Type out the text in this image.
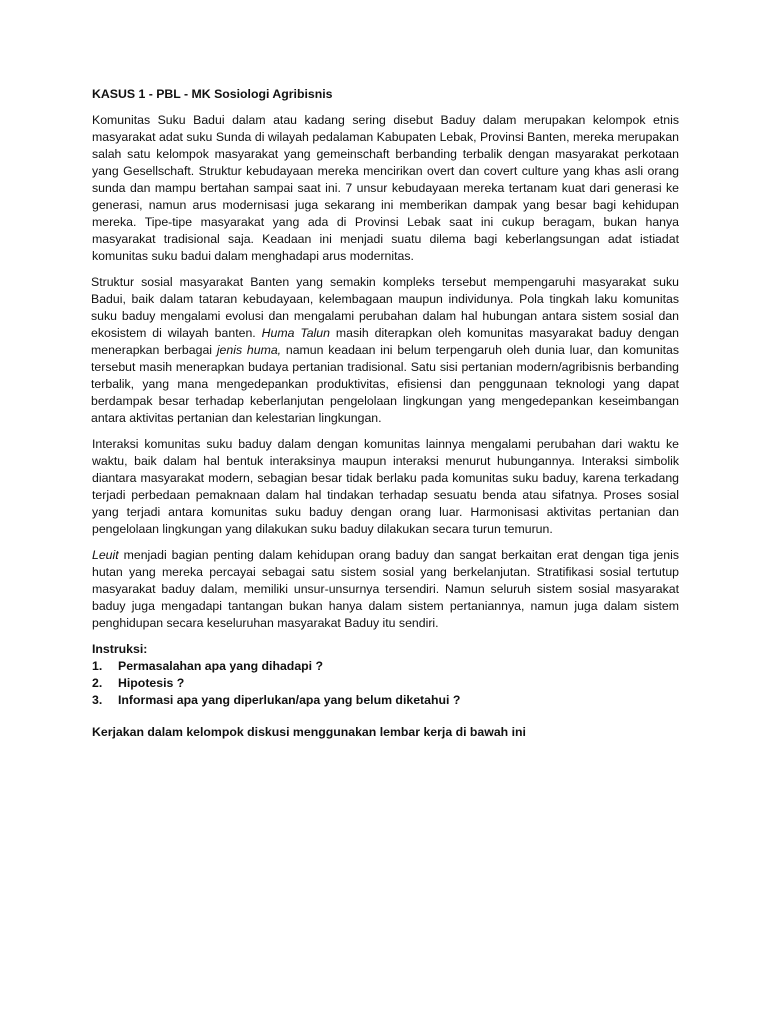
KASUS 1 - PBL - MK Sosiologi Agribisnis

Komunitas Suku Badui dalam atau kadang sering disebut Baduy dalam merupakan kelompok etnis masyarakat adat suku Sunda di wilayah pedalaman Kabupaten Lebak, Provinsi Banten, mereka merupakan salah satu kelompok masyarakat yang gemeinschaft berbanding terbalik dengan masyarakat perkotaan yang Gesellschaft. Struktur kebudayaan mereka mencirikan overt dan covert culture yang khas asli orang sunda dan mampu bertahan sampai saat ini. 7 unsur kebudayaan mereka tertanam kuat dari generasi ke generasi, namun arus modernisasi juga sekarang ini memberikan dampak yang besar bagi kehidupan mereka. Tipe-tipe masyarakat yang ada di Provinsi Lebak saat ini cukup beragam, bukan hanya masyarakat tradisional saja. Keadaan ini menjadi suatu dilema bagi keberlangsungan adat istiadat komunitas suku badui dalam menghadapi arus modernitas.

Struktur sosial masyarakat Banten yang semakin kompleks tersebut mempengaruhi masyarakat suku Badui, baik dalam tataran kebudayaan, kelembagaan maupun individunya. Pola tingkah laku komunitas suku baduy mengalami evolusi dan mengalami perubahan dalam hal hubungan antara sistem sosial dan ekosistem di wilayah banten. Huma Talun masih diterapkan oleh komunitas masyarakat baduy dengan menerapkan berbagai jenis huma, namun keadaan ini belum terpengaruh oleh dunia luar, dan komunitas tersebut masih menerapkan budaya pertanian tradisional. Satu sisi pertanian modern/agribisnis berbanding terbalik, yang mana mengedepankan produktivitas, efisiensi dan penggunaan teknologi yang dapat berdampak besar terhadap keberlanjutan pengelolaan lingkungan yang mengedepankan keseimbangan antara aktivitas pertanian dan kelestarian lingkungan.

Interaksi komunitas suku baduy dalam dengan komunitas lainnya mengalami perubahan dari waktu ke waktu, baik dalam hal bentuk interaksinya maupun interaksi menurut hubungannya. Interaksi simbolik diantara masyarakat modern, sebagian besar tidak berlaku pada komunitas suku baduy, karena terkadang terjadi perbedaan pemaknaan dalam hal tindakan terhadap sesuatu benda atau sifatnya. Proses sosial yang terjadi antara komunitas suku baduy dengan orang luar. Harmonisasi aktivitas pertanian dan pengelolaan lingkungan yang dilakukan suku baduy dilakukan secara turun temurun.

Leuit menjadi bagian penting dalam kehidupan orang baduy dan sangat berkaitan erat dengan tiga jenis hutan yang mereka percayai sebagai satu sistem sosial yang berkelanjutan. Stratifikasi sosial tertutup masyarakat baduy dalam, memiliki unsur-unsurnya tersendiri. Namun seluruh sistem sosial masyarakat baduy juga mengadapi tantangan bukan hanya dalam sistem pertaniannya, namun juga dalam sistem penghidupan secara keseluruhan masyarakat Baduy itu sendiri.

Instruksi:
1.	Permasalahan apa yang dihadapi ?
2.	Hipotesis ?
3.	Informasi apa yang diperlukan/apa yang belum diketahui ?
Kerjakan dalam kelompok diskusi menggunakan lembar kerja di bawah ini
